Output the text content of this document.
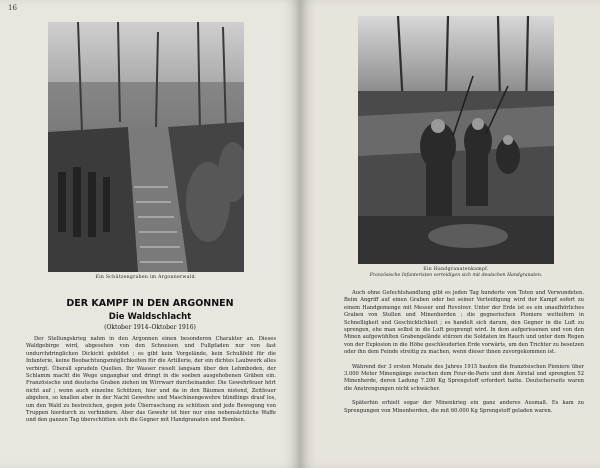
16
Ein Schützengraben im Argonnerwald.
DER KAMPF IN DEN ARGONNEN
Die Waldschlacht
(Oktober 1914–Oktober 1916)

Der Stellungskrieg nahm in den Argonnen einen besonderen Charakter an. Dieses Waldgebirge wird, abgesehen von den Schneisen und Fußpfaden nur von fast undurchdringlichen Dickicht gebildet ; es gibt kein Vorgelände, kein Schußfeld für die Infanterie, keine Beobachtungsmöglichkeiten für die Artillerie, der ein dichtes Laubwerk alles verbirgt. Überall sprudeln Quellen. Ihr Wasser rieselt langsam über den Lehmboden, der Schlamm macht die Wege ungangbar und dringt in die soeben ausgehobenen Gräben ein. Französische und deutsche Graben ziehen im Wirrwarr durcheinander. Die Gewehrfeuer hört nicht auf ; wenn auch einzelne Schützen, hier und da in den Bäumen nistend, Zeitfeuer abgeben, so knallen aber in der Nacht Gewehre und Maschinengewehre blindlings drauf los, um den Wald zu bestreichen, gegen jede Überraschung zu schützen und jede Bewegung von Truppen hierdurch zu verhindern. Aber das Gewehr ist hier nur eine nebensächliche Waffe und den ganzen Tag überschütten sich die Gegner mit Handgranaten und Bomben.

Ein Handgranatenkampf.
Französische Infanteristen verteidigen sich mit deutschen Handgranaten.

Auch ohne Gefechtshandlung gibt es jeden Tag hunderte von Toten und Verwundeten. Beim Angriff auf einen Graben oder bei seiner Verteidigung wird der Kampf sofort zu einem Handgemenge mit Messer und Revolver. Unter der Erde ist es ein unaufhörliches Graben von Stollen und Minenherden ; die gegnerischen Pioniere wetteifern in Schnelligkeit und Geschicklichkeit ; es handelt sich darum, den Gegner in die Luft zu sprengen, ehe man selbst in die Luft gesprengt wird. In dem aufgerissenen und von den Minen aufgewühlten Grabengelände stürzen die Soldaten im Rauch und unter dem Regen von der Explosion in die Höhe geschleuderten Erde vorwärts, um den Trichter zu besetzen oder ihn dem Feinde streitig zu machen, wenn dieser ihnen zuvorgekommen ist.

Während der 3 ersten Monate des Jahres 1915 bauten die französischen Pioniere über 3.000 Meter Minengänge zwischen dem Four-de-Paris und dem Airetal und sprengten 52 Minenherde, deren Ladung 7.200 Kg Sprengstoff erfordert hatte. Deutscherseits waren die Anstrengungen nicht schwächer.

Späterhin erhielt sogar der Minenkrieg ein ganz anderes Ausmaß. Es kam zu Sprengungen von Minenherden, die mit 60.000 Kg Sprengstoff geladen waren.
